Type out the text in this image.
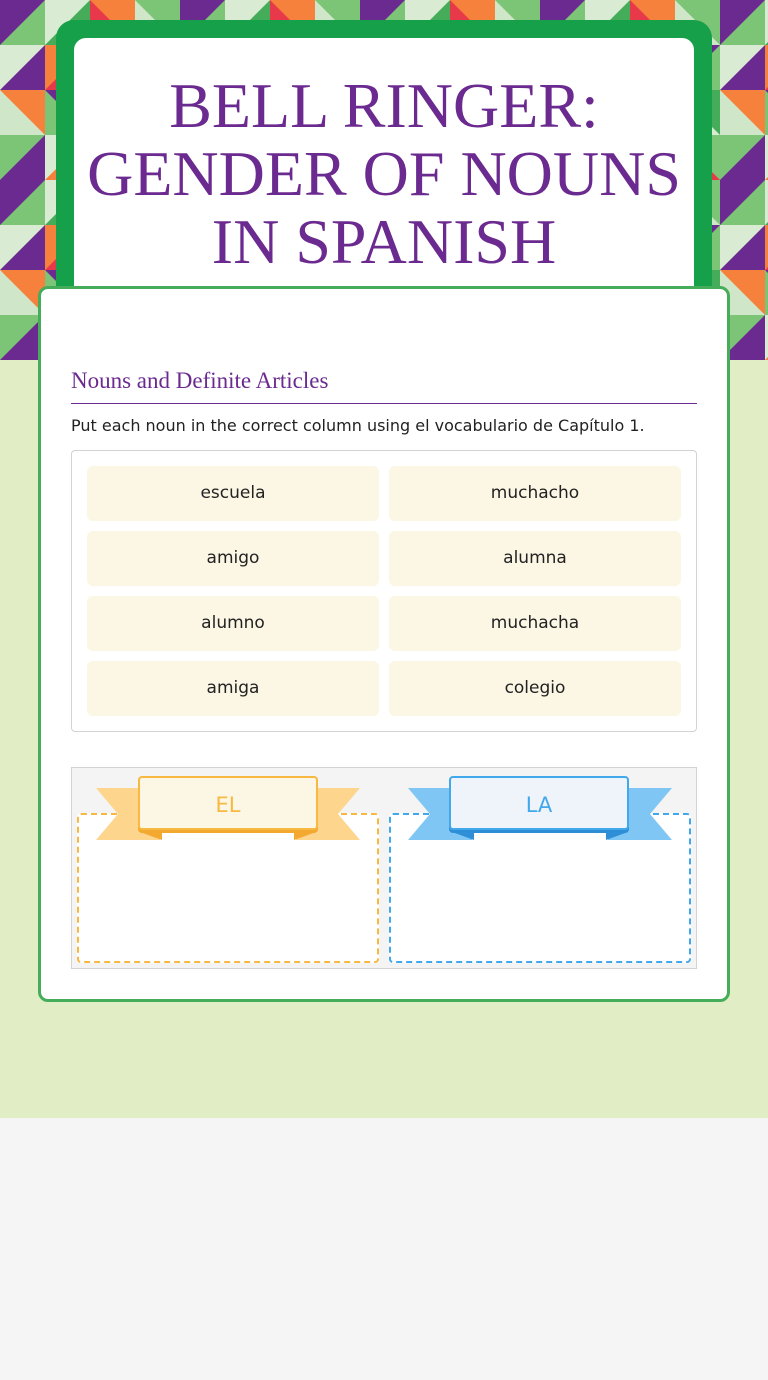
BELL RINGER: GENDER OF NOUNS IN SPANISH
Nouns and Definite Articles
Put each noun in the correct column using el vocabulario de Capítulo 1.
escuela	muchacho
amigo	alumna
alumno	muchacha
amiga	colegio
EL	LA
